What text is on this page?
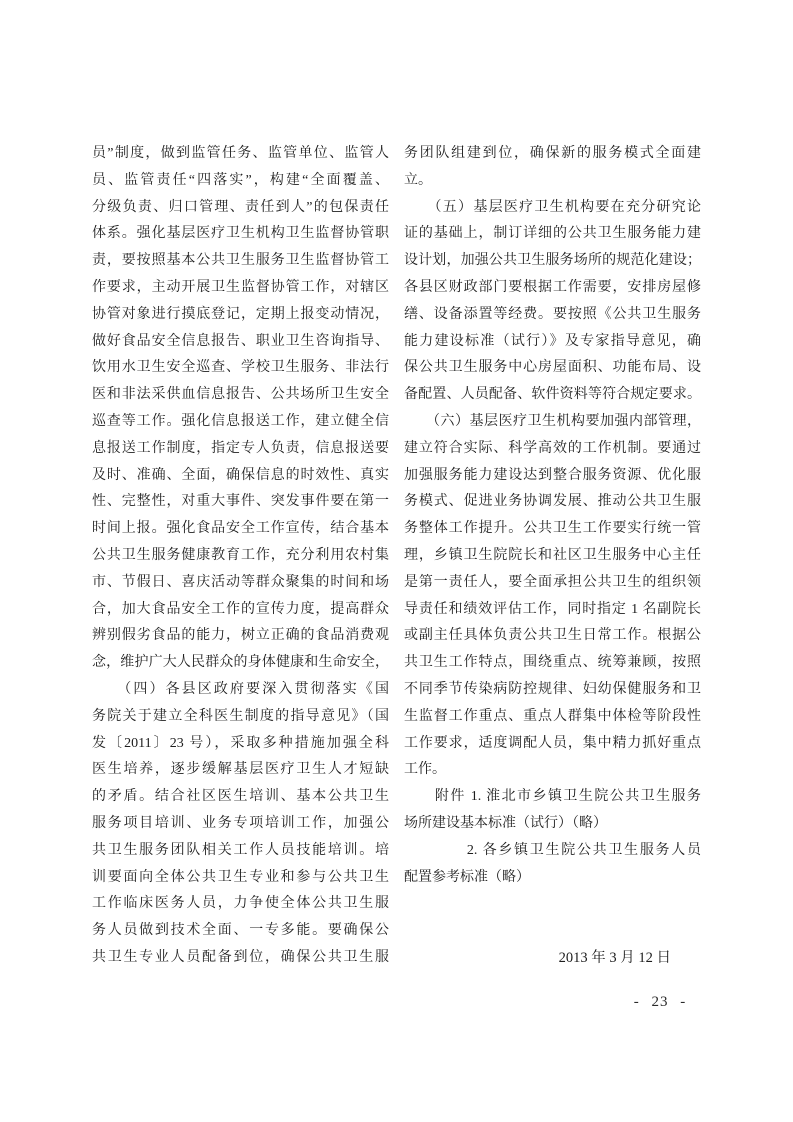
员”制度，做到监管任务、监管单位、监管人
员、监管责任“四落实”，构建“全面覆盖、
分级负责、归口管理、责任到人”的包保责任
体系。强化基层医疗卫生机构卫生监督协管职
责，要按照基本公共卫生服务卫生监督协管工
作要求，主动开展卫生监督协管工作，对辖区
协管对象进行摸底登记，定期上报变动情况，
做好食品安全信息报告、职业卫生咨询指导、
饮用水卫生安全巡查、学校卫生服务、非法行
医和非法采供血信息报告、公共场所卫生安全
巡查等工作。强化信息报送工作，建立健全信
息报送工作制度，指定专人负责，信息报送要
及时、准确、全面，确保信息的时效性、真实
性、完整性，对重大事件、突发事件要在第一
时间上报。强化食品安全工作宣传，结合基本
公共卫生服务健康教育工作，充分利用农村集
市、节假日、喜庆活动等群众聚集的时间和场
合，加大食品安全工作的宣传力度，提高群众
辨别假劣食品的能力，树立正确的食品消费观
念，维护广大人民群众的身体健康和生命安全，
　　（四）各县区政府要深入贯彻落实《国
务院关于建立全科医生制度的指导意见》（国
发〔2011〕23 号），采取多种措施加强全科
医生培养，逐步缓解基层医疗卫生人才短缺
的矛盾。结合社区医生培训、基本公共卫生
服务项目培训、业务专项培训工作，加强公
共卫生服务团队相关工作人员技能培训。培
训要面向全体公共卫生专业和参与公共卫生
工作临床医务人员，力争使全体公共卫生服
务人员做到技术全面、一专多能。要确保公
共卫生专业人员配备到位，确保公共卫生服
务团队组建到位，确保新的服务模式全面建
立。
　　（五）基层医疗卫生机构要在充分研究论
证的基础上，制订详细的公共卫生服务能力建
设计划，加强公共卫生服务场所的规范化建设；
各县区财政部门要根据工作需要，安排房屋修
缮、设备添置等经费。要按照《公共卫生服务
能力建设标准（试行）》及专家指导意见，确
保公共卫生服务中心房屋面积、功能布局、设
备配置、人员配备、软件资料等符合规定要求。
　　（六）基层医疗卫生机构要加强内部管理，
建立符合实际、科学高效的工作机制。要通过
加强服务能力建设达到整合服务资源、优化服
务模式、促进业务协调发展、推动公共卫生服
务整体工作提升。公共卫生工作要实行统一管
理，乡镇卫生院院长和社区卫生服务中心主任
是第一责任人，要全面承担公共卫生的组织领
导责任和绩效评估工作，同时指定 1 名副院长
或副主任具体负责公共卫生日常工作。根据公
共卫生工作特点，围绕重点、统筹兼顾，按照
不同季节传染病防控规律、妇幼保健服务和卫
生监督工作重点、重点人群集中体检等阶段性
工作要求，适度调配人员，集中精力抓好重点
工作。
　　附件 1. 淮北市乡镇卫生院公共卫生服务
场所建设基本标准（试行）（略）
　　　　2. 各乡镇卫生院公共卫生服务人员
配置参考标准（略）
2013 年 3 月 12 日
- 23 -
